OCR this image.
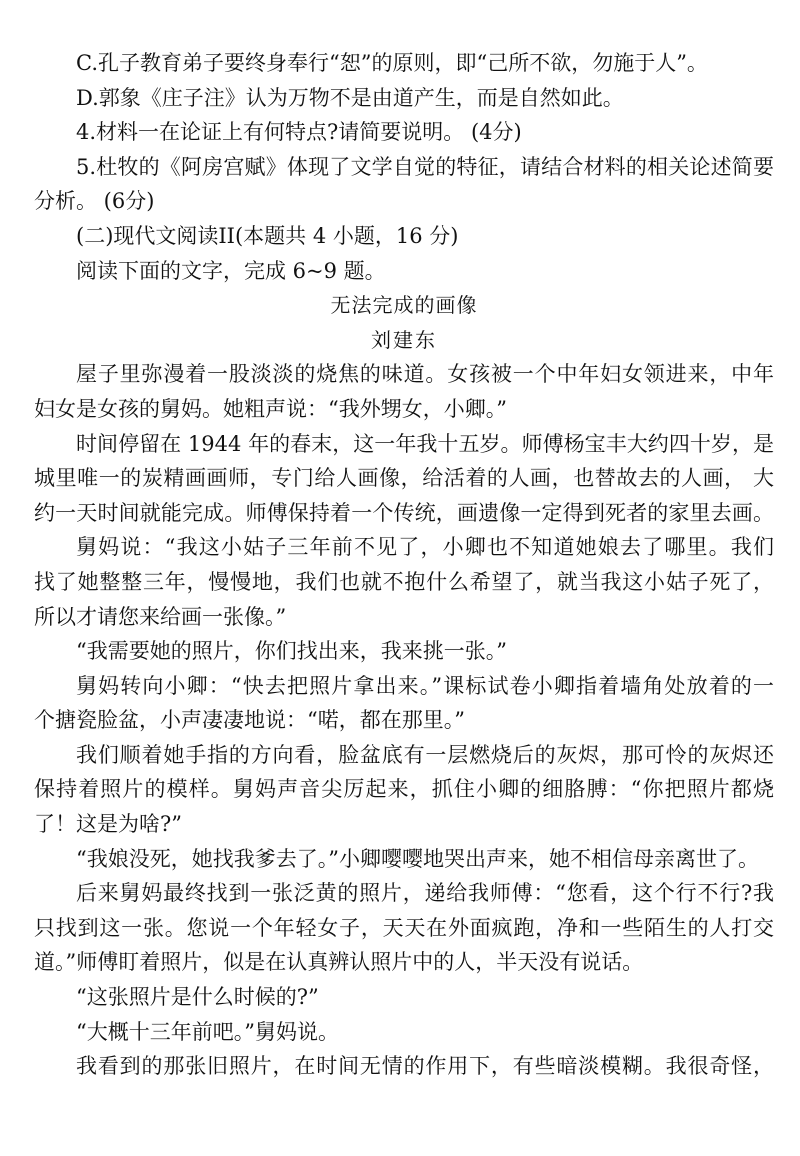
C.孔子教育弟子要终身奉行“恕”的原则，即“己所不欲，勿施于人”。
D.郭象《庄子注》认为万物不是由道产生，而是自然如此。
4.材料一在论证上有何特点?请简要说明。 (4分)
5.杜牧的《阿房宫赋》体现了文学自觉的特征，请结合材料的相关论述简要
分析。 (6分)
(二)现代文阅读II(本题共 4 小题，16 分)
阅读下面的文字，完成 6~9 题。
无法完成的画像
刘建东
屋子里弥漫着一股淡淡的烧焦的味道。女孩被一个中年妇女领进来，中年
妇女是女孩的舅妈。她粗声说：“我外甥女，小卿。”
时间停留在 1944 年的春末，这一年我十五岁。师傅杨宝丰大约四十岁，是
城里唯一的炭精画画师，专门给人画像，给活着的人画，也替故去的人画， 大
约一天时间就能完成。师傅保持着一个传统，画遗像一定得到死者的家里去画。
舅妈说：“我这小姑子三年前不见了，小卿也不知道她娘去了哪里。我们
找了她整整三年，慢慢地，我们也就不抱什么希望了，就当我这小姑子死了，
所以才请您来给画一张像。”
“我需要她的照片，你们找出来，我来挑一张。”
舅妈转向小卿：“快去把照片拿出来。”课标试卷小卿指着墙角处放着的一
个搪瓷脸盆，小声凄凄地说：“喏，都在那里。”
我们顺着她手指的方向看，脸盆底有一层燃烧后的灰烬，那可怜的灰烬还
保持着照片的模样。舅妈声音尖厉起来，抓住小卿的细胳膊：“你把照片都烧
了！这是为啥?”
“我娘没死，她找我爹去了。”小卿嘤嘤地哭出声来，她不相信母亲离世了。
后来舅妈最终找到一张泛黄的照片，递给我师傅：“您看，这个行不行?我
只找到这一张。您说一个年轻女子，天天在外面疯跑，净和一些陌生的人打交
道。”师傅盯着照片，似是在认真辨认照片中的人，半天没有说话。
“这张照片是什么时候的?”
“大概十三年前吧。”舅妈说。
我看到的那张旧照片，在时间无情的作用下，有些暗淡模糊。我很奇怪，
